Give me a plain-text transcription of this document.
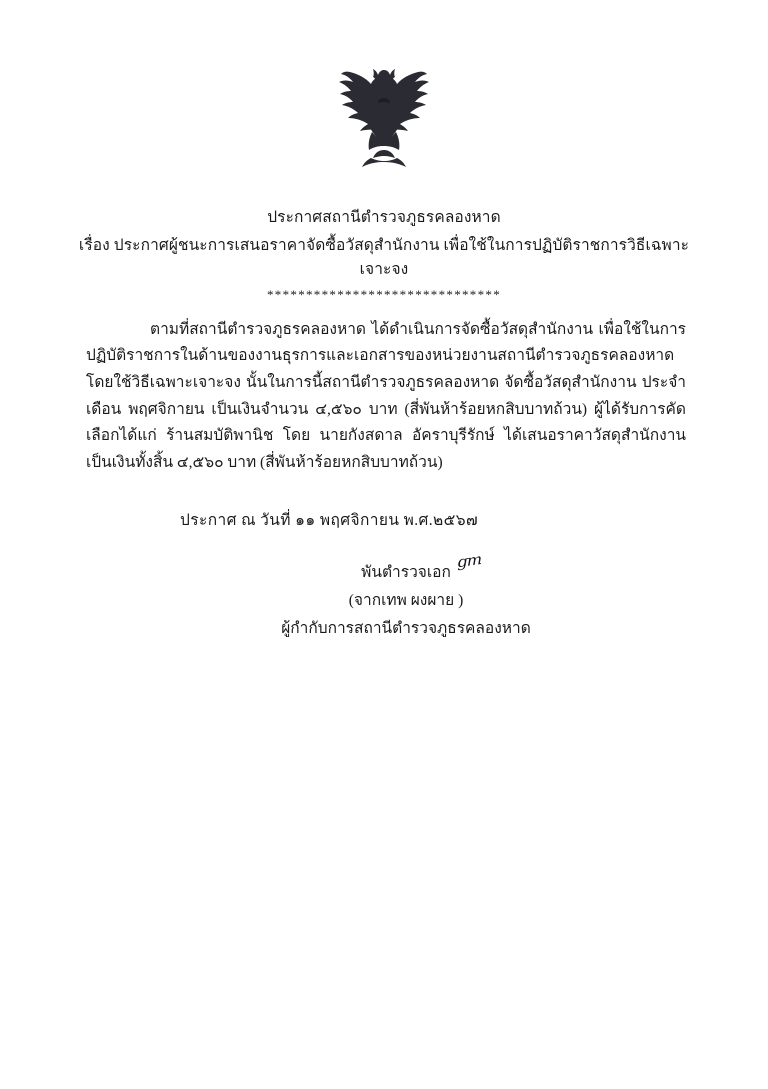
ประกาศสถานีตำรวจภูธรคลองหาด
เรื่อง ประกาศผู้ชนะการเสนอราคาจัดซื้อวัสดุสำนักงาน เพื่อใช้ในการปฏิบัติราชการวิธีเฉพาะเจาะจง
******************************

ตามที่สถานีตำรวจภูธรคลองหาด ได้ดำเนินการจัดซื้อวัสดุสำนักงาน เพื่อใช้ในการปฏิบัติราชการในด้านของงานธุรการและเอกสารของหน่วยงานสถานีตำรวจภูธรคลองหาด โดยใช้วิธีเฉพาะเจาะจง นั้นในการนี้สถานีตำรวจภูธรคลองหาด จัดซื้อวัสดุสำนักงาน ประจำเดือน พฤศจิกายน เป็นเงินจำนวน ๔,๕๖๐ บาท (สี่พันห้าร้อยหกสิบบาทถ้วน) ผู้ได้รับการคัดเลือกได้แก่ ร้านสมบัติพานิช โดย นายกังสดาล อัคราบุรีรักษ์ ได้เสนอราคาวัสดุสำนักงาน เป็นเงินทั้งสิ้น ๔,๕๖๐ บาท (สี่พันห้าร้อยหกสิบบาทถ้วน)

ประกาศ ณ วันที่ ๑๑ พฤศจิกายน พ.ศ.๒๕๖๗
พันตำรวจเอก ᵍᵐ
(จากเทพ ผงผาย )
ผู้กำกับการสถานีตำรวจภูธรคลองหาด
